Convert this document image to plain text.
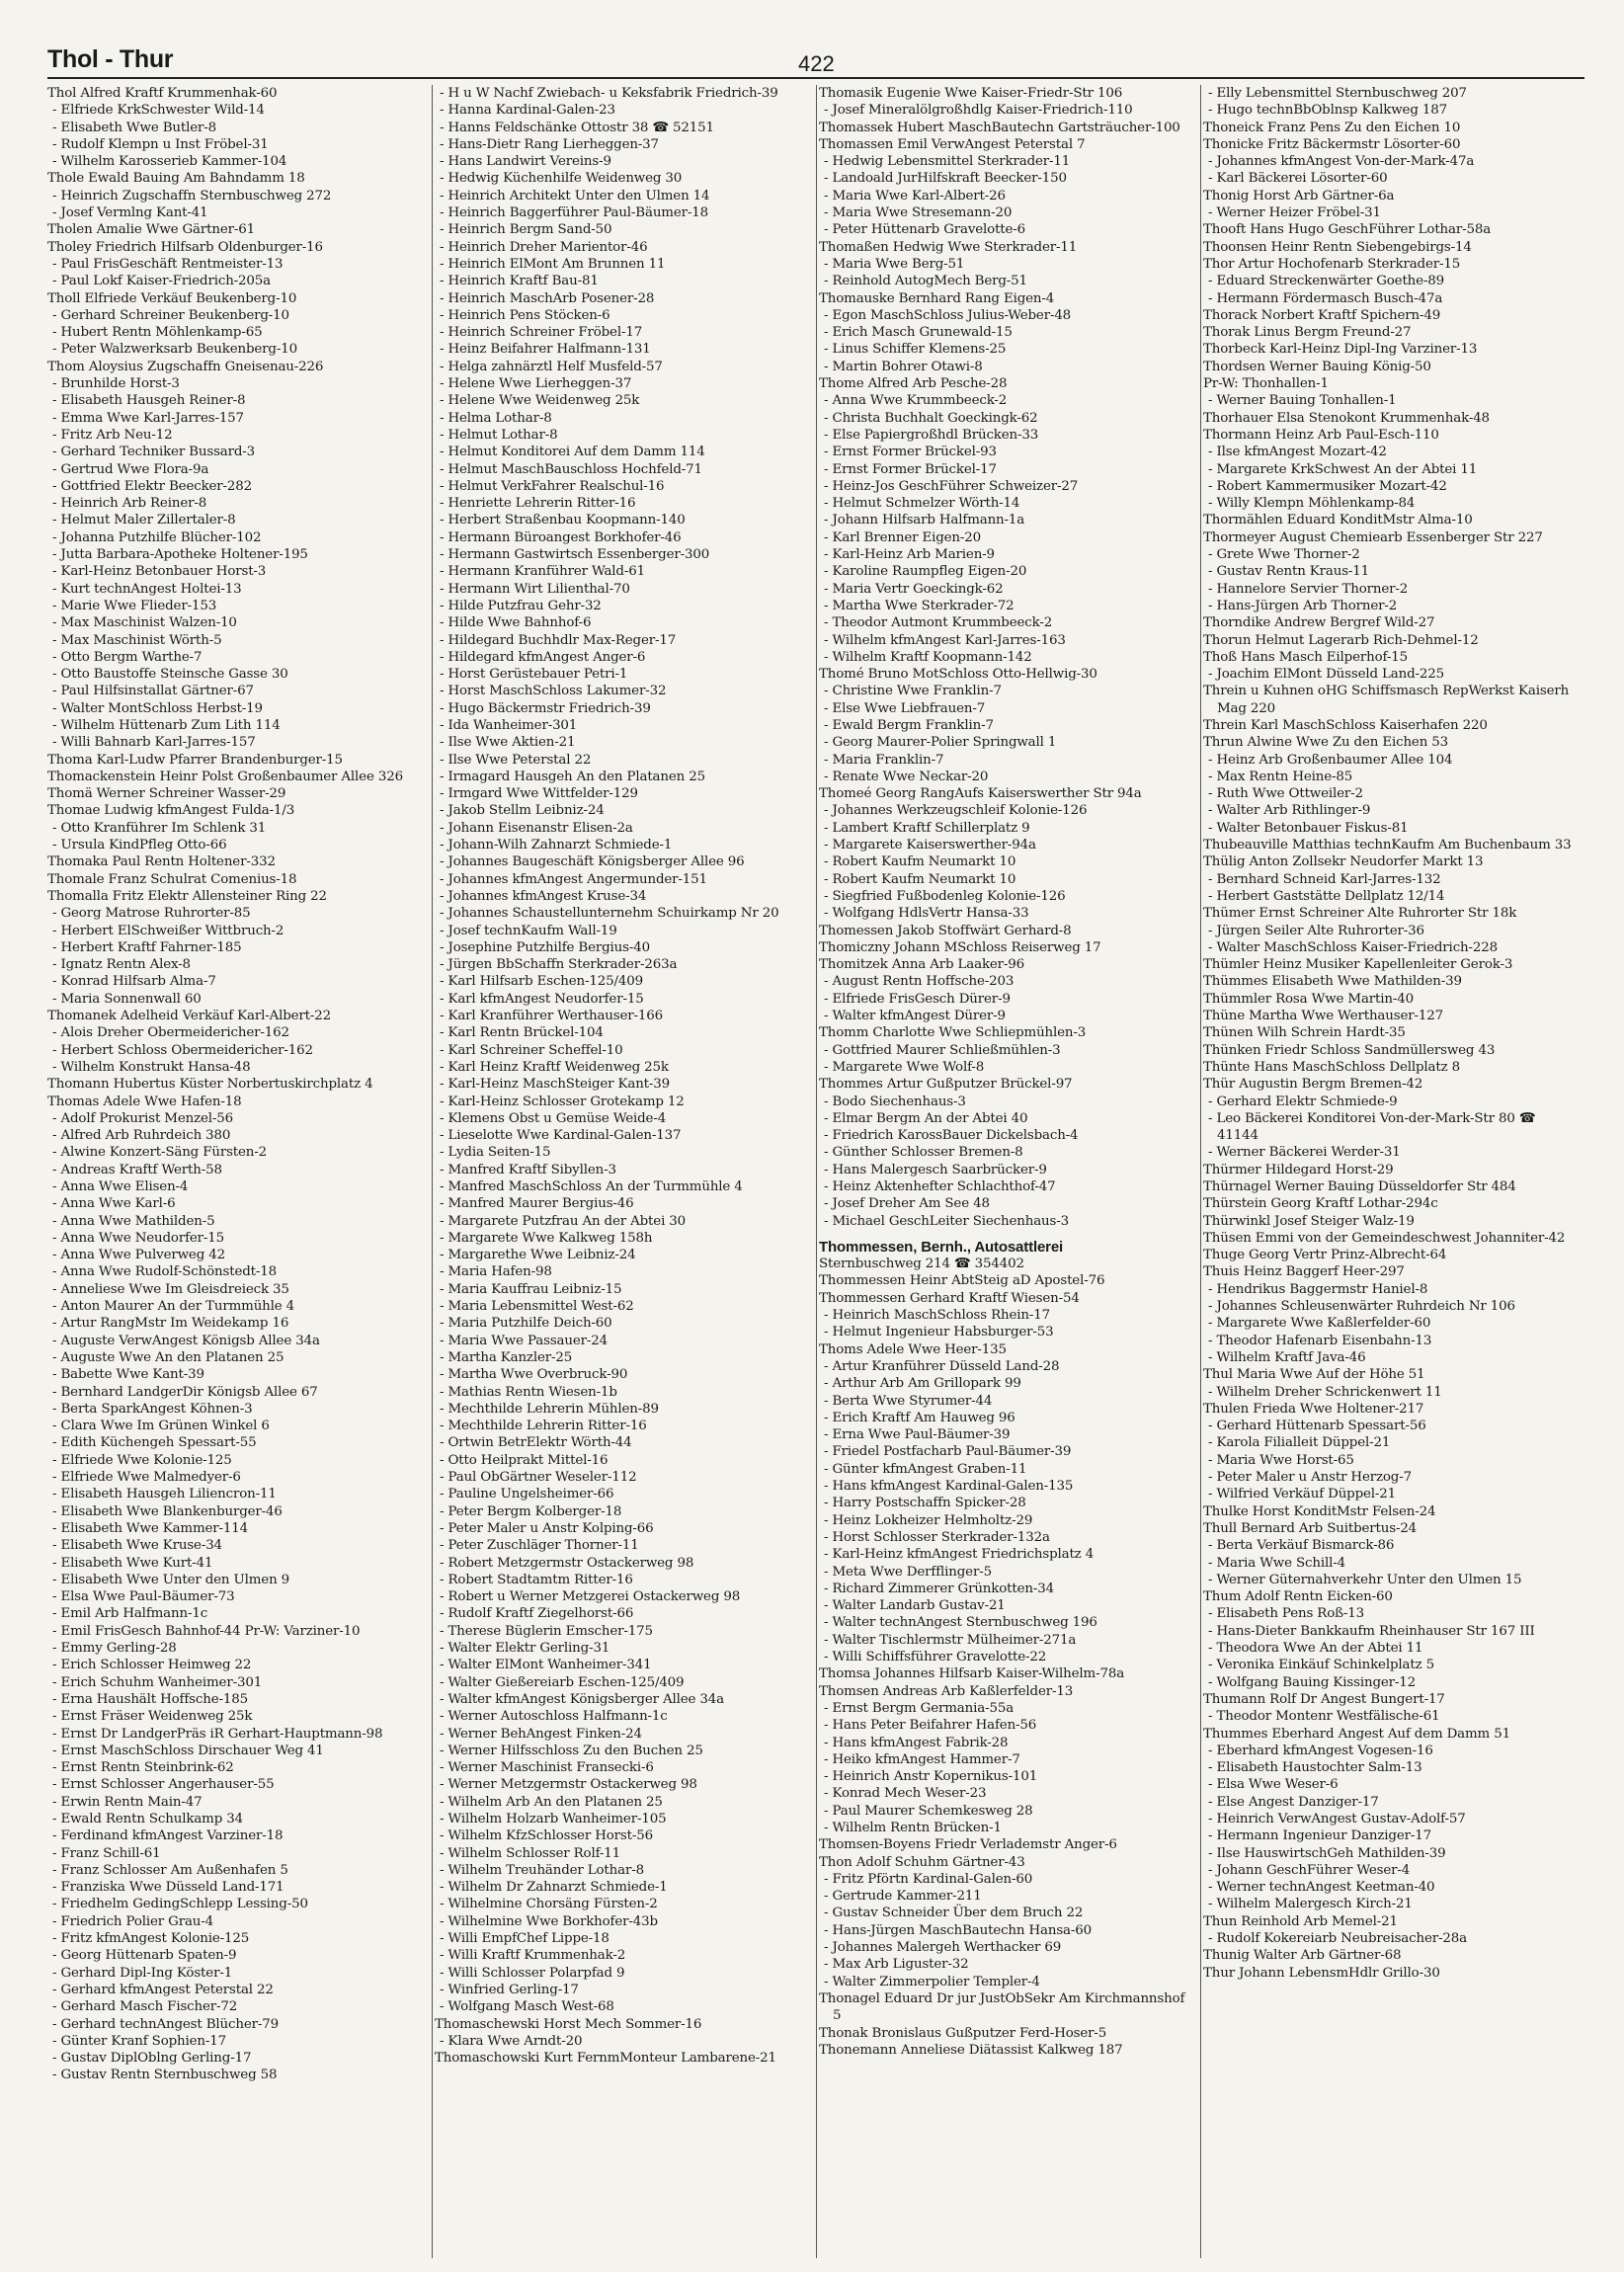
Thol - Thur	422
Thol Alfred Kraftf Krummenhak-60
- Elfriede KrkSchwester Wild-14
- Elisabeth Wwe Butler-8
- Rudolf Klempn u Inst Fröbel-31
- Wilhelm Karosserieb Kammer-104
Thole Ewald Bauing Am Bahndamm 18
- Heinrich Zugschaffn Sternbuschweg 272
- Josef Vermlng Kant-41
Tholen Amalie Wwe Gärtner-61
Tholey Friedrich Hilfsarb Oldenburger-16
- Paul FrisGeschäft Rentmeister-13
- Paul Lokf Kaiser-Friedrich-205a
Tholl Elfriede Verkäuf Beukenberg-10
- Gerhard Schreiner Beukenberg-10
- Hubert Rentn Möhlenkamp-65
- Peter Walzwerksarb Beukenberg-10
Thom Aloysius Zugschaffn Gneisenau-226
- Brunhilde Horst-3
- Elisabeth Hausgeh Reiner-8
- Emma Wwe Karl-Jarres-157
- Fritz Arb Neu-12
- Gerhard Techniker Bussard-3
- Gertrud Wwe Flora-9a
- Gottfried Elektr Beecker-282
- Heinrich Arb Reiner-8
- Helmut Maler Zillertaler-8
- Johanna Putzhilfe Blücher-102
- Jutta Barbara-Apotheke Holtener-195
- Karl-Heinz Betonbauer Horst-3
- Kurt technAngest Holtei-13
- Marie Wwe Flieder-153
- Max Maschinist Walzen-10
- Max Maschinist Wörth-5
- Otto Bergm Warthe-7
- Otto Baustoffe Steinsche Gasse 30
- Paul Hilfsinstallat Gärtner-67
- Walter MontSchloss Herbst-19
- Wilhelm Hüttenarb Zum Lith 114
- Willi Bahnarb Karl-Jarres-157
Thoma Karl-Ludw Pfarrer Brandenburger-15
Thomackenstein Heinr Polst Großenbaumer Allee 326
Thomä Werner Schreiner Wasser-29
Thomae Ludwig kfmAngest Fulda-1/3
- Otto Kranführer Im Schlenk 31
- Ursula KindPfleg Otto-66
Thomaka Paul Rentn Holtener-332
Thomale Franz Schulrat Comenius-18
Thomalla Fritz Elektr Allensteiner Ring 22
- Georg Matrose Ruhrorter-85
- Herbert ElSchweißer Wittbruch-2
- Herbert Kraftf Fahrner-185
- Ignatz Rentn Alex-8
- Konrad Hilfsarb Alma-7
- Maria Sonnenwall 60
Thomanek Adelheid Verkäuf Karl-Albert-22
- Alois Dreher Obermeidericher-162
- Herbert Schloss Obermeidericher-162
- Wilhelm Konstrukt Hansa-48
Thomann Hubertus Küster Norbertuskirchplatz 4
Thomas Adele Wwe Hafen-18
- Adolf Prokurist Menzel-56
- Alfred Arb Ruhrdeich 380
- Alwine Konzert-Säng Fürsten-2
- Andreas Kraftf Werth-58
- Anna Wwe Elisen-4
- Anna Wwe Karl-6
- Anna Wwe Mathilden-5
- Anna Wwe Neudorfer-15
- Anna Wwe Pulverweg 42
- Anna Wwe Rudolf-Schönstedt-18
- Anneliese Wwe Im Gleisdreieck 35
- Anton Maurer An der Turmmühle 4
- Artur RangMstr Im Weidekamp 16
- Auguste VerwAngest Königsb Allee 34a
- Auguste Wwe An den Platanen 25
- Babette Wwe Kant-39
- Bernhard LandgerDir Königsb Allee 67
- Berta SparkAngest Köhnen-3
- Clara Wwe Im Grünen Winkel 6
- Edith Küchengeh Spessart-55
- Elfriede Wwe Kolonie-125
- Elfriede Wwe Malmedyer-6
- Elisabeth Hausgeh Liliencron-11
- Elisabeth Wwe Blankenburger-46
- Elisabeth Wwe Kammer-114
- Elisabeth Wwe Kruse-34
- Elisabeth Wwe Kurt-41
- Elisabeth Wwe Unter den Ulmen 9
- Elsa Wwe Paul-Bäumer-73
- Emil Arb Halfmann-1c
- Emil FrisGesch Bahnhof-44 Pr-W: Varziner-10
- Emmy Gerling-28
- Erich Schlosser Heimweg 22
- Erich Schuhm Wanheimer-301
- Erna Haushält Hoffsche-185
- Ernst Fräser Weidenweg 25k
- Ernst Dr LandgerPräs iR Gerhart-Hauptmann-98
- Ernst MaschSchloss Dirschauer Weg 41
- Ernst Rentn Steinbrink-62
- Ernst Schlosser Angerhauser-55
- Erwin Rentn Main-47
- Ewald Rentn Schulkamp 34
- Ferdinand kfmAngest Varziner-18
- Franz Schill-61
- Franz Schlosser Am Außenhafen 5
- Franziska Wwe Düsseld Land-171
- Friedhelm GedingSchlepp Lessing-50
- Friedrich Polier Grau-4
- Fritz kfmAngest Kolonie-125
- Georg Hüttenarb Spaten-9
- Gerhard Dipl-Ing Köster-1
- Gerhard kfmAngest Peterstal 22
- Gerhard Masch Fischer-72
- Gerhard technAngest Blücher-79
- Günter Kranf Sophien-17
- Gustav DiplOblng Gerling-17
- Gustav Rentn Sternbuschweg 58
- H u W Nachf Zwiebach- u Keksfabrik Friedrich-39
- Hanna Kardinal-Galen-23
- Hanns Feldschänke Ottostr 38 ☎ 52151
- Hans-Dietr Rang Lierheggen-37
- Hans Landwirt Vereins-9
- Hedwig Küchenhilfe Weidenweg 30
- Heinrich Architekt Unter den Ulmen 14
- Heinrich Baggerführer Paul-Bäumer-18
- Heinrich Bergm Sand-50
- Heinrich Dreher Marientor-46
- Heinrich ElMont Am Brunnen 11
- Heinrich Kraftf Bau-81
- Heinrich MaschArb Posener-28
- Heinrich Pens Stöcken-6
- Heinrich Schreiner Fröbel-17
- Heinz Beifahrer Halfmann-131
- Helga zahnärztl Helf Musfeld-57
- Helene Wwe Lierheggen-37
- Helene Wwe Weidenweg 25k
- Helma Lothar-8
- Helmut Lothar-8
- Helmut Konditorei Auf dem Damm 114
- Helmut MaschBauschloss Hochfeld-71
- Helmut VerkFahrer Realschul-16
- Henriette Lehrerin Ritter-16
- Herbert Straßenbau Koopmann-140
- Hermann Büroangest Borkhofer-46
- Hermann Gastwirtsch Essenberger-300
- Hermann Kranführer Wald-61
- Hermann Wirt Lilienthal-70
- Hilde Putzfrau Gehr-32
- Hilde Wwe Bahnhof-6
- Hildegard Buchhdlr Max-Reger-17
- Hildegard kfmAngest Anger-6
- Horst Gerüstebauer Petri-1
- Horst MaschSchloss Lakumer-32
- Hugo Bäckermstr Friedrich-39
- Ida Wanheimer-301
- Ilse Wwe Aktien-21
- Ilse Wwe Peterstal 22
- Irmagard Hausgeh An den Platanen 25
- Irmgard Wwe Wittfelder-129
- Jakob Stellm Leibniz-24
- Johann Eisenanstr Elisen-2a
- Johann-Wilh Zahnarzt Schmiede-1
- Johannes Baugeschäft Königsberger Allee 96
- Johannes kfmAngest Angermunder-151
- Johannes kfmAngest Kruse-34
- Johannes Schaustellunternehm Schuirkamp Nr 20
- Josef technKaufm Wall-19
- Josephine Putzhilfe Bergius-40
- Jürgen BbSchaffn Sterkrader-263a
- Karl Hilfsarb Eschen-125/409
- Karl kfmAngest Neudorfer-15
- Karl Kranführer Werthauser-166
- Karl Rentn Brückel-104
- Karl Schreiner Scheffel-10
- Karl Heinz Kraftf Weidenweg 25k
- Karl-Heinz MaschSteiger Kant-39
- Karl-Heinz Schlosser Grotekamp 12
- Klemens Obst u Gemüse Weide-4
- Lieselotte Wwe Kardinal-Galen-137
- Lydia Seiten-15
- Manfred Kraftf Sibyllen-3
- Manfred MaschSchloss An der Turmmühle 4
- Manfred Maurer Bergius-46
- Margarete Putzfrau An der Abtei 30
- Margarete Wwe Kalkweg 158h
- Margarethe Wwe Leibniz-24
- Maria Hafen-98
- Maria Kauffrau Leibniz-15
- Maria Lebensmittel West-62
- Maria Putzhilfe Deich-60
- Maria Wwe Passauer-24
- Martha Kanzler-25
- Martha Wwe Overbruck-90
- Mathias Rentn Wiesen-1b
- Mechthilde Lehrerin Mühlen-89
- Mechthilde Lehrerin Ritter-16
- Ortwin BetrElektr Wörth-44
- Otto Heilprakt Mittel-16
- Paul ObGärtner Weseler-112
- Pauline Ungelsheimer-66
- Peter Bergm Kolberger-18
- Peter Maler u Anstr Kolping-66
- Peter Zuschläger Thorner-11
- Robert Metzgermstr Ostackerweg 98
- Robert Stadtamtm Ritter-16
- Robert u Werner Metzgerei Ostackerweg 98
- Rudolf Kraftf Ziegelhorst-66
- Therese Büglerin Emscher-175
- Walter Elektr Gerling-31
- Walter ElMont Wanheimer-341
- Walter Gießereiarb Eschen-125/409
- Walter kfmAngest Königsberger Allee 34a
- Werner Autoschloss Halfmann-1c
- Werner BehAngest Finken-24
- Werner Hilfsschloss Zu den Buchen 25
- Werner Maschinist Fransecki-6
- Werner Metzgermstr Ostackerweg 98
- Wilhelm Arb An den Platanen 25
- Wilhelm Holzarb Wanheimer-105
- Wilhelm KfzSchlosser Horst-56
- Wilhelm Schlosser Rolf-11
- Wilhelm Treuhänder Lothar-8
- Wilhelm Dr Zahnarzt Schmiede-1
- Wilhelmine Chorsäng Fürsten-2
- Wilhelmine Wwe Borkhofer-43b
- Willi EmpfChef Lippe-18
- Willi Kraftf Krummenhak-2
- Willi Schlosser Polarpfad 9
- Winfried Gerling-17
- Wolfgang Masch West-68
Thomaschewski Horst Mech Sommer-16
- Klara Wwe Arndt-20
Thomaschowski Kurt FernmMonteur Lambarene-21
Thomasik Eugenie Wwe Kaiser-Friedr-Str 106
- Josef Mineralölgroßhdlg Kaiser-Friedrich-110
Thomassek Hubert MaschBautechn Gartsträucher-100
Thomassen Emil VerwAngest Peterstal 7
- Hedwig Lebensmittel Sterkrader-11
- Landoald JurHilfskraft Beecker-150
- Maria Wwe Karl-Albert-26
- Maria Wwe Stresemann-20
- Peter Hüttenarb Gravelotte-6
Thomaßen Hedwig Wwe Sterkrader-11
- Maria Wwe Berg-51
- Reinhold AutogMech Berg-51
Thomauske Bernhard Rang Eigen-4
- Egon MaschSchloss Julius-Weber-48
- Erich Masch Grunewald-15
- Linus Schiffer Klemens-25
- Martin Bohrer Otawi-8
Thome Alfred Arb Pesche-28
- Anna Wwe Krummbeeck-2
- Christa Buchhalt Goeckingk-62
- Else Papiergroßhdl Brücken-33
- Ernst Former Brückel-93
- Ernst Former Brückel-17
- Heinz-Jos GeschFührer Schweizer-27
- Helmut Schmelzer Wörth-14
- Johann Hilfsarb Halfmann-1a
- Karl Brenner Eigen-20
- Karl-Heinz Arb Marien-9
- Karoline Raumpfleg Eigen-20
- Maria Vertr Goeckingk-62
- Martha Wwe Sterkrader-72
- Theodor Autmont Krummbeeck-2
- Wilhelm kfmAngest Karl-Jarres-163
- Wilhelm Kraftf Koopmann-142
Thomé Bruno MotSchloss Otto-Hellwig-30
- Christine Wwe Franklin-7
- Else Wwe Liebfrauen-7
- Ewald Bergm Franklin-7
- Georg Maurer-Polier Springwall 1
- Maria Franklin-7
- Renate Wwe Neckar-20
Thomeé Georg RangAufs Kaiserswerther Str 94a
- Johannes Werkzeugschleif Kolonie-126
- Lambert Kraftf Schillerplatz 9
- Margarete Kaiserswerther-94a
- Robert Kaufm Neumarkt 10
- Robert Kaufm Neumarkt 10
- Siegfried Fußbodenleg Kolonie-126
- Wolfgang HdlsVertr Hansa-33
Thomessen Jakob Stoffwärt Gerhard-8
Thomiczny Johann MSchloss Reiserweg 17
Thomitzek Anna Arb Laaker-96
- August Rentn Hoffsche-203
- Elfriede FrisGesch Dürer-9
- Walter kfmAngest Dürer-9
Thomm Charlotte Wwe Schliepmühlen-3
- Gottfried Maurer Schließmühlen-3
- Margarete Wwe Wolf-8
Thommes Artur Gußputzer Brückel-97
- Bodo Siechenhaus-3
- Elmar Bergm An der Abtei 40
- Friedrich KarossBauer Dickelsbach-4
- Günther Schlosser Bremen-8
- Hans Malergesch Saarbrücker-9
- Heinz Aktenhefter Schlachthof-47
- Josef Dreher Am See 48
- Michael GeschLeiter Siechenhaus-3
Thommessen, Bernh., Autosattlerei
Sternbuschweg 214 ☎ 354402
Thommessen Heinr AbtSteig aD Apostel-76
Thommessen Gerhard Kraftf Wiesen-54
- Heinrich MaschSchloss Rhein-17
- Helmut Ingenieur Habsburger-53
Thoms Adele Wwe Heer-135
- Artur Kranführer Düsseld Land-28
- Arthur Arb Am Grillopark 99
- Berta Wwe Styrumer-44
- Erich Kraftf Am Hauweg 96
- Erna Wwe Paul-Bäumer-39
- Friedel Postfacharb Paul-Bäumer-39
- Günter kfmAngest Graben-11
- Hans kfmAngest Kardinal-Galen-135
- Harry Postschaffn Spicker-28
- Heinz Lokheizer Helmholtz-29
- Horst Schlosser Sterkrader-132a
- Karl-Heinz kfmAngest Friedrichsplatz 4
- Meta Wwe Derfflinger-5
- Richard Zimmerer Grünkotten-34
- Walter Landarb Gustav-21
- Walter technAngest Sternbuschweg 196
- Walter Tischlermstr Mülheimer-271a
- Willi Schiffsführer Gravelotte-22
Thomsa Johannes Hilfsarb Kaiser-Wilhelm-78a
Thomsen Andreas Arb Kaßlerfelder-13
- Ernst Bergm Germania-55a
- Hans Peter Beifahrer Hafen-56
- Hans kfmAngest Fabrik-28
- Heiko kfmAngest Hammer-7
- Heinrich Anstr Kopernikus-101
- Konrad Mech Weser-23
- Paul Maurer Schemkesweg 28
- Wilhelm Rentn Brücken-1
Thomsen-Boyens Friedr Verlademstr Anger-6
Thon Adolf Schuhm Gärtner-43
- Fritz Pförtn Kardinal-Galen-60
- Gertrude Kammer-211
- Gustav Schneider Über dem Bruch 22
- Hans-Jürgen MaschBautechn Hansa-60
- Johannes Malergeh Werthacker 69
- Max Arb Liguster-32
- Walter Zimmerpolier Templer-4
Thonagel Eduard Dr jur JustObSekr Am Kirchmannshof 5
Thonak Bronislaus Gußputzer Ferd-Hoser-5
Thonemann Anneliese Diätassist Kalkweg 187
- Elly Lebensmittel Sternbuschweg 207
- Hugo technBbOblnsp Kalkweg 187
Thoneick Franz Pens Zu den Eichen 10
Thonicke Fritz Bäckermstr Lösorter-60
- Johannes kfmAngest Von-der-Mark-47a
- Karl Bäckerei Lösorter-60
Thonig Horst Arb Gärtner-6a
- Werner Heizer Fröbel-31
Thooft Hans Hugo GeschFührer Lothar-58a
Thoonsen Heinr Rentn Siebengebirgs-14
Thor Artur Hochofenarb Sterkrader-15
- Eduard Streckenwärter Goethe-89
- Hermann Fördermasch Busch-47a
Thorack Norbert Kraftf Spichern-49
Thorak Linus Bergm Freund-27
Thorbeck Karl-Heinz Dipl-Ing Varziner-13
Thordsen Werner Bauing König-50
Pr-W: Thonhallen-1
- Werner Bauing Tonhallen-1
Thorhauer Elsa Stenokont Krummenhak-48
Thormann Heinz Arb Paul-Esch-110
- Ilse kfmAngest Mozart-42
- Margarete KrkSchwest An der Abtei 11
- Robert Kammermusiker Mozart-42
- Willy Klempn Möhlenkamp-84
Thormählen Eduard KonditMstr Alma-10
Thormeyer August Chemiearb Essenberger Str 227
- Grete Wwe Thorner-2
- Gustav Rentn Kraus-11
- Hannelore Servier Thorner-2
- Hans-Jürgen Arb Thorner-2
Thorndike Andrew Bergref Wild-27
Thorun Helmut Lagerarb Rich-Dehmel-12
Thoß Hans Masch Eilperhof-15
- Joachim ElMont Düsseld Land-225
Threin u Kuhnen oHG Schiffsmasch RepWerkst Kaiserh Mag 220
Threin Karl MaschSchloss Kaiserhafen 220
Thrun Alwine Wwe Zu den Eichen 53
- Heinz Arb Großenbaumer Allee 104
- Max Rentn Heine-85
- Ruth Wwe Ottweiler-2
- Walter Arb Rithlinger-9
- Walter Betonbauer Fiskus-81
Thubeauville Matthias technKaufm Am Buchenbaum 33
Thülig Anton Zollsekr Neudorfer Markt 13
- Bernhard Schneid Karl-Jarres-132
- Herbert Gaststätte Dellplatz 12/14
Thümer Ernst Schreiner Alte Ruhrorter Str 18k
- Jürgen Seiler Alte Ruhrorter-36
- Walter MaschSchloss Kaiser-Friedrich-228
Thümler Heinz Musiker Kapellenleiter Gerok-3
Thümmes Elisabeth Wwe Mathilden-39
Thümmler Rosa Wwe Martin-40
Thüne Martha Wwe Werthauser-127
Thünen Wilh Schrein Hardt-35
Thünken Friedr Schloss Sandmüllersweg 43
Thünte Hans MaschSchloss Dellplatz 8
Thür Augustin Bergm Bremen-42
- Gerhard Elektr Schmiede-9
- Leo Bäckerei Konditorei Von-der-Mark-Str 80 ☎ 41144
- Werner Bäckerei Werder-31
Thürmer Hildegard Horst-29
Thürnagel Werner Bauing Düsseldorfer Str 484
Thürstein Georg Kraftf Lothar-294c
Thürwinkl Josef Steiger Walz-19
Thüsen Emmi von der Gemeindeschwest Johanniter-42
Thuge Georg Vertr Prinz-Albrecht-64
Thuis Heinz Baggerf Heer-297
- Hendrikus Baggermstr Haniel-8
- Johannes Schleusenwärter Ruhrdeich Nr 106
- Margarete Wwe Kaßlerfelder-60
- Theodor Hafenarb Eisenbahn-13
- Wilhelm Kraftf Java-46
Thul Maria Wwe Auf der Höhe 51
- Wilhelm Dreher Schrickenwert 11
Thulen Frieda Wwe Holtener-217
- Gerhard Hüttenarb Spessart-56
- Karola Filialleit Düppel-21
- Maria Wwe Horst-65
- Peter Maler u Anstr Herzog-7
- Wilfried Verkäuf Düppel-21
Thulke Horst KonditMstr Felsen-24
Thull Bernard Arb Suitbertus-24
- Berta Verkäuf Bismarck-86
- Maria Wwe Schill-4
- Werner Güternahverkehr Unter den Ulmen 15
Thum Adolf Rentn Eicken-60
- Elisabeth Pens Roß-13
- Hans-Dieter Bankkaufm Rheinhauser Str 167 III
- Theodora Wwe An der Abtei 11
- Veronika Einkäuf Schinkelplatz 5
- Wolfgang Bauing Kissinger-12
Thumann Rolf Dr Angest Bungert-17
- Theodor Montenr Westfälische-61
Thummes Eberhard Angest Auf dem Damm 51
- Eberhard kfmAngest Vogesen-16
- Elisabeth Haustochter Salm-13
- Elsa Wwe Weser-6
- Else Angest Danziger-17
- Heinrich VerwAngest Gustav-Adolf-57
- Hermann Ingenieur Danziger-17
- Ilse HauswirtschGeh Mathilden-39
- Johann GeschFührer Weser-4
- Werner technAngest Keetman-40
- Wilhelm Malergesch Kirch-21
Thun Reinhold Arb Memel-21
- Rudolf Kokereiarb Neubreisacher-28a
Thunig Walter Arb Gärtner-68
Thur Johann LebensmHdlr Grillo-30
